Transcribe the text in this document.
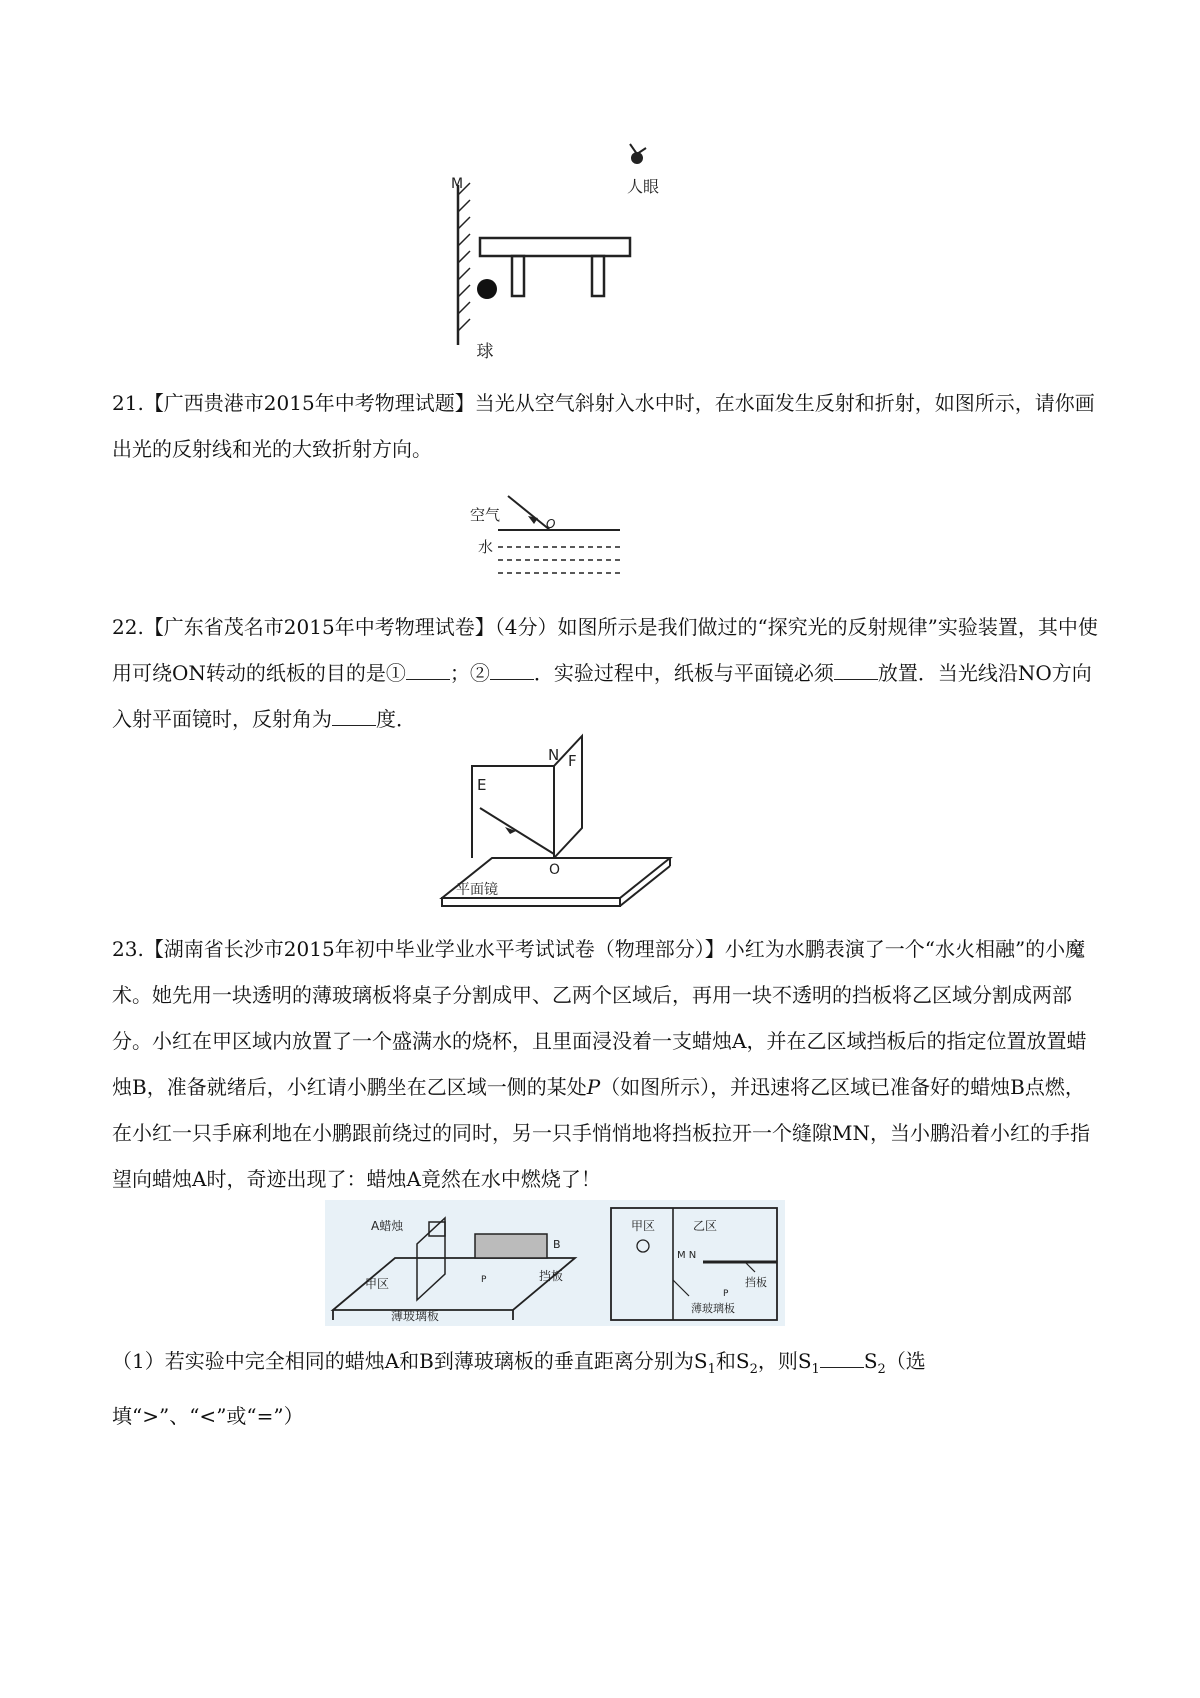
M	人眼
球
21.【广西贵港市2015年中考物理试题】当光从空气斜射入水中时，在水面发生反射和折射，如图所示，请你画出光的反射线和光的大致折射方向。
空气
水
O
22.【广东省茂名市2015年中考物理试卷】（4分）如图所示是我们做过的“探究光的反射规律”实验装置，其中使用可绕ON转动的纸板的目的是① ；② ．实验过程中，纸板与平面镜必须 放置．当光线沿NO方向入射平面镜时，反射角为 度．
E
N F
O
平面镜
23.【湖南省长沙市2015年初中毕业学业水平考试试卷（物理部分）】小红为水鹏表演了一个“水火相融”的小魔术。她先用一块透明的薄玻璃板将桌子分割成甲、乙两个区域后，再用一块不透明的挡板将乙区域分割成两部分。小红在甲区域内放置了一个盛满水的烧杯，且里面浸没着一支蜡烛A，并在乙区域挡板后的指定位置放置蜡烛B，准备就绪后，小红请小鹏坐在乙区域一侧的某处P（如图所示），并迅速将乙区域已准备好的蜡烛B点燃，在小红一只手麻利地在小鹏跟前绕过的同时，另一只手悄悄地将挡板拉开一个缝隙MN，当小鹏沿着小红的手指望向蜡烛A时，奇迹出现了：蜡烛A竟然在水中燃烧了！
A蜡烛
甲区
薄玻璃板
挡板
B
P
甲区	乙区
M N
P
薄玻璃板
挡板
（1）若实验中完全相同的蜡烛A和B到薄玻璃板的垂直距离分别为$S_1$和$S_2$，则$S_1$ $S_2$（选填“>”、“<”或“=”）
